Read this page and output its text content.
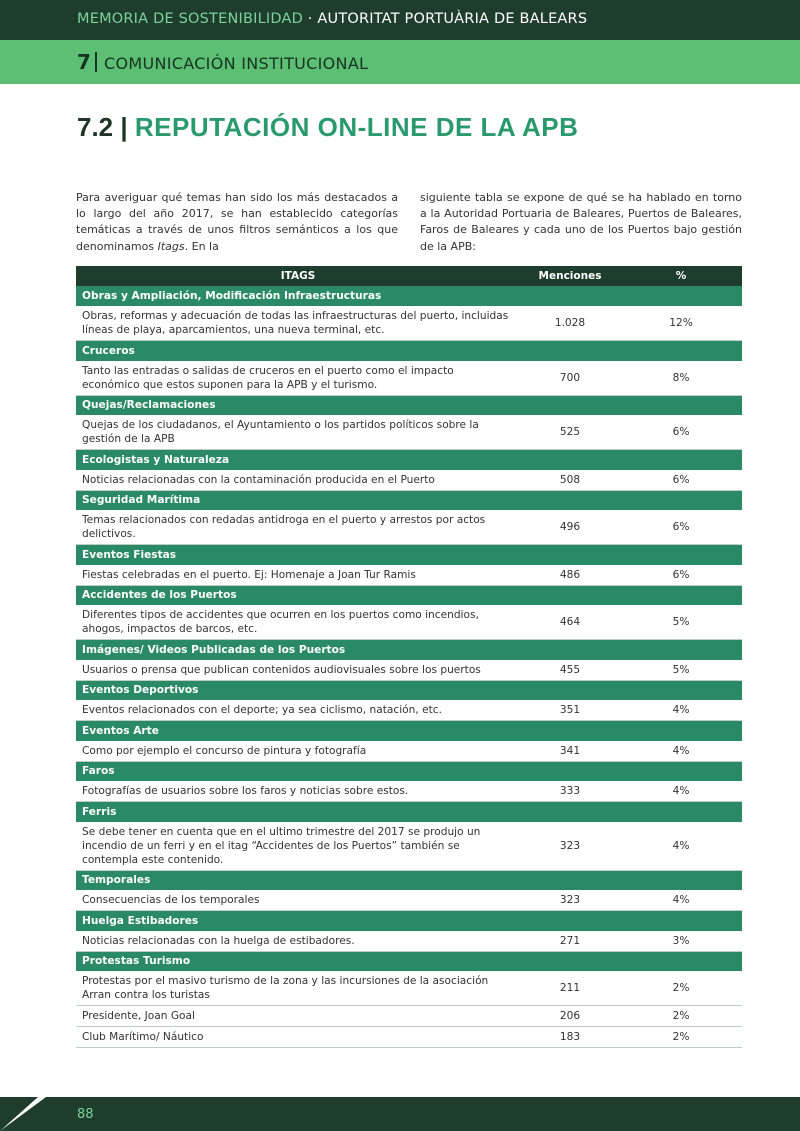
MEMORIA DE SOSTENIBILIDAD · AUTORITAT PORTUÀRIA DE BALEARS
7 COMUNICACIÓN INSTITUCIONAL
7.2 | REPUTACIÓN ON-LINE DE LA APB

Para averiguar qué temas han sido los más destacados a lo largo del año 2017, se han establecido categorías temáticas a través de unos filtros semánticos a los que denominamos Itags. En la

siguiente tabla se expone de qué se ha hablado en torno a la Autoridad Portuaria de Baleares, Puertos de Baleares, Faros de Baleares y cada uno de los Puertos bajo gestión de la APB:

ITAGS	Menciones	%
Obras y Ampliación, Modificación Infraestructuras		
Obras, reformas y adecuación de todas las infraestructuras del puerto, incluidas líneas de playa, aparcamientos, una nueva terminal, etc.	1.028	12%
Cruceros		
Tanto las entradas o salidas de cruceros en el puerto como el impacto económico que estos suponen para la APB y el turismo.	700	8%
Quejas/Reclamaciones		
Quejas de los ciudadanos, el Ayuntamiento o los partidos políticos sobre la gestión de la APB	525	6%
Ecologistas y Naturaleza		
Noticias relacionadas con la contaminación producida en el Puerto	508	6%
Seguridad Marítima		
Temas relacionados con redadas antidroga en el puerto y arrestos por actos delictivos.	496	6%
Eventos Fiestas		
Fiestas celebradas en el puerto. Ej: Homenaje a Joan Tur Ramis	486	6%
Accidentes de los Puertos		
Diferentes tipos de accidentes que ocurren en los puertos como incendios, ahogos, impactos de barcos, etc.	464	5%
Imágenes/ Videos Publicadas de los Puertos		
Usuarios o prensa que publican contenidos audiovisuales sobre los puertos	455	5%
Eventos Deportivos		
Eventos relacionados con el deporte; ya sea ciclismo, natación, etc.	351	4%
Eventos Arte		
Como por ejemplo el concurso de pintura y fotografía	341	4%
Faros		
Fotografías de usuarios sobre los faros y noticias sobre estos.	333	4%
Ferris		
Se debe tener en cuenta que en el ultimo trimestre del 2017 se produjo un incendio de un ferri y en el itag “Accidentes de los Puertos” también se contempla este contenido.	323	4%
Temporales		
Consecuencias de los temporales	323	4%
Huelga Estibadores		
Noticias relacionadas con la huelga de estibadores.	271	3%
Protestas Turismo		
Protestas por el masivo turismo de la zona y las incursiones de la asociación Arran contra los turistas	211	2%
Presidente, Joan Goal	206	2%
Club Marítimo/ Náutico	183	2%
88
